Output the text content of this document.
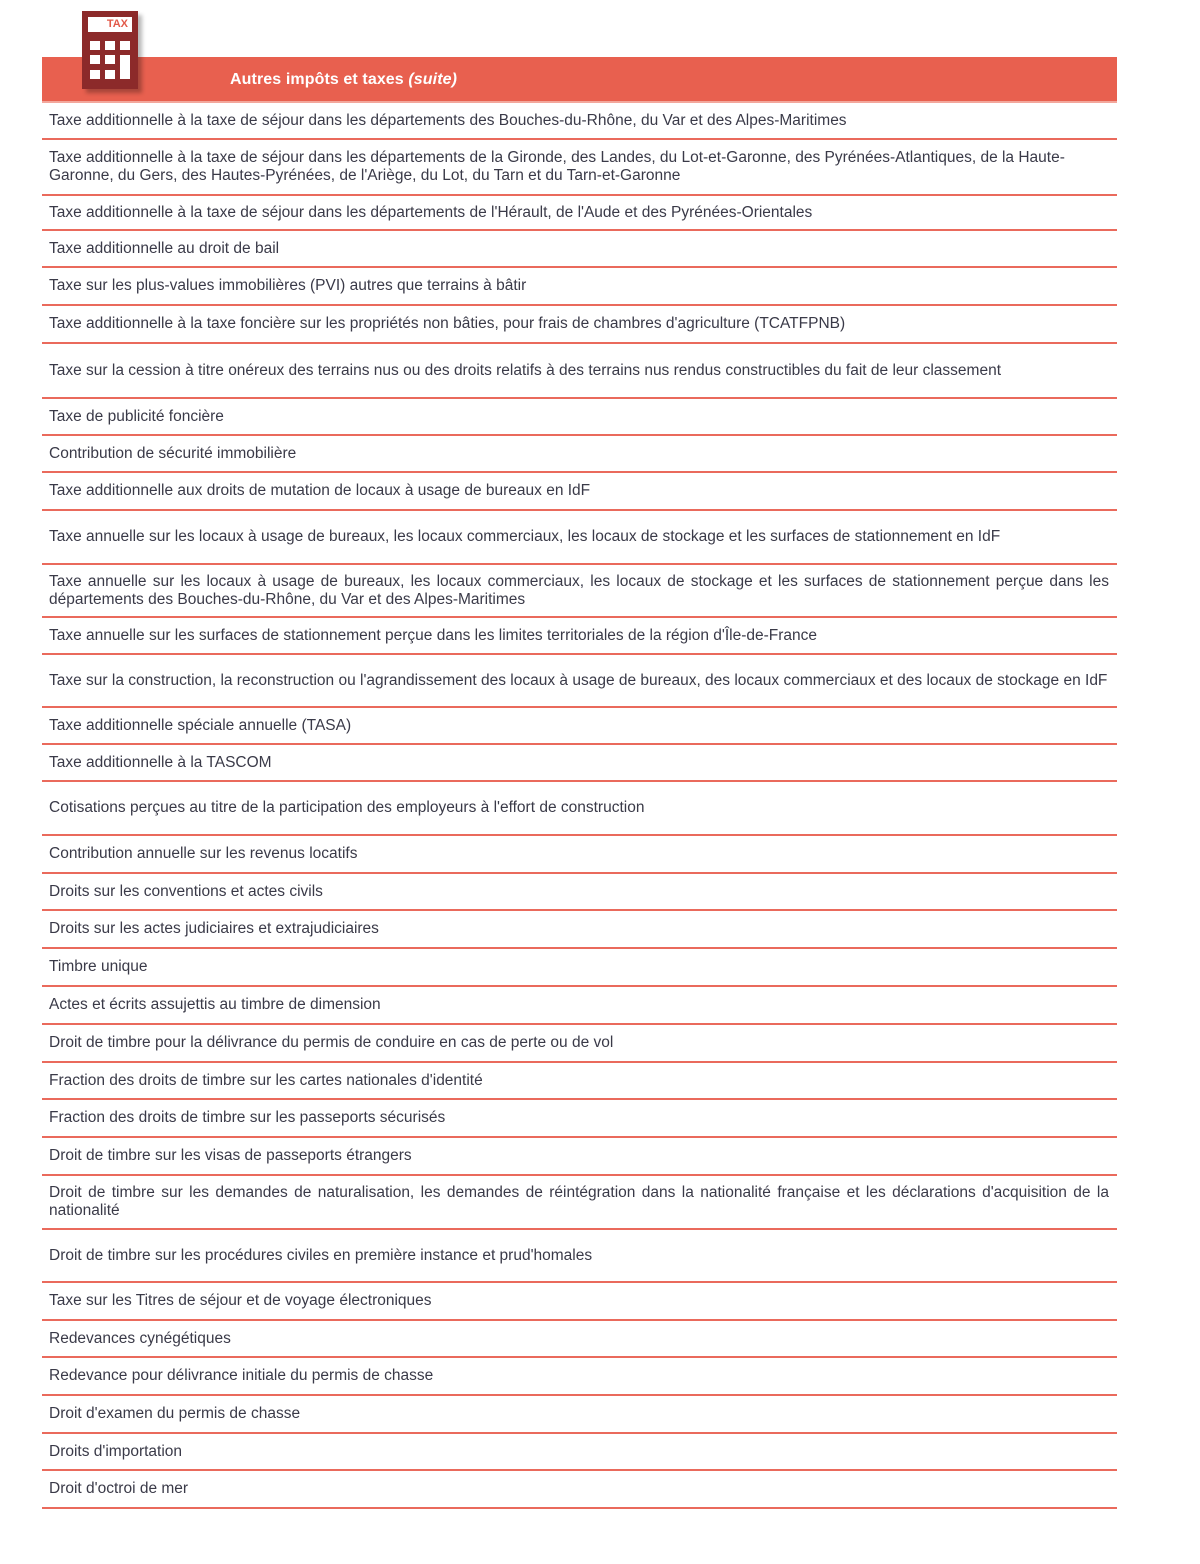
TAX
Autres impôts et taxes (suite)
Taxe additionnelle à la taxe de séjour dans les départements des Bouches-du-Rhône, du Var et des Alpes-Maritimes
Taxe additionnelle à la taxe de séjour dans les départements de la Gironde, des Landes, du Lot-et-Garonne, des Pyrénées-Atlantiques, de la Haute-Garonne, du Gers, des Hautes-Pyrénées, de l'Ariège, du Lot, du Tarn et du Tarn-et-Garonne
Taxe additionnelle à la taxe de séjour dans les départements de l'Hérault, de l'Aude et des Pyrénées-Orientales
Taxe additionnelle au droit de bail
Taxe sur les plus-values immobilières (PVI) autres que terrains à bâtir
Taxe additionnelle à la taxe foncière sur les propriétés non bâties, pour frais de chambres d'agriculture (TCATFPNB)
Taxe sur la cession à titre onéreux des terrains nus ou des droits relatifs à des terrains nus rendus constructibles du fait de leur classement
Taxe de publicité foncière
Contribution de sécurité immobilière
Taxe additionnelle aux droits de mutation de locaux à usage de bureaux en IdF
Taxe annuelle sur les locaux à usage de bureaux, les locaux commerciaux, les locaux de stockage et les surfaces de stationnement en IdF
Taxe annuelle sur les locaux à usage de bureaux, les locaux commerciaux, les locaux de stockage et les surfaces de stationnement perçue dans les départements des Bouches-du-Rhône, du Var et des Alpes-Maritimes
Taxe annuelle sur les surfaces de stationnement perçue dans les limites territoriales de la région d'Île-de-France
Taxe sur la construction, la reconstruction ou l'agrandissement des locaux à usage de bureaux, des locaux commerciaux et des locaux de stockage en IdF
Taxe additionnelle spéciale annuelle (TASA)
Taxe additionnelle à la TASCOM
Cotisations perçues au titre de la participation des employeurs à l'effort de construction
Contribution annuelle sur les revenus locatifs
Droits sur les conventions et actes civils
Droits sur les actes judiciaires et extrajudiciaires
Timbre unique
Actes et écrits assujettis au timbre de dimension
Droit de timbre pour la délivrance du permis de conduire en cas de perte ou de vol
Fraction des droits de timbre sur les cartes nationales d'identité
Fraction des droits de timbre sur les passeports sécurisés
Droit de timbre sur les visas de passeports étrangers
Droit de timbre sur les demandes de naturalisation, les demandes de réintégration dans la nationalité française et les déclarations d'acquisition de la nationalité
Droit de timbre sur les procédures civiles en première instance et prud'homales
Taxe sur les Titres de séjour et de voyage électroniques
Redevances cynégétiques
Redevance pour délivrance initiale du permis de chasse
Droit d'examen du permis de chasse
Droits d'importation
Droit d'octroi de mer
